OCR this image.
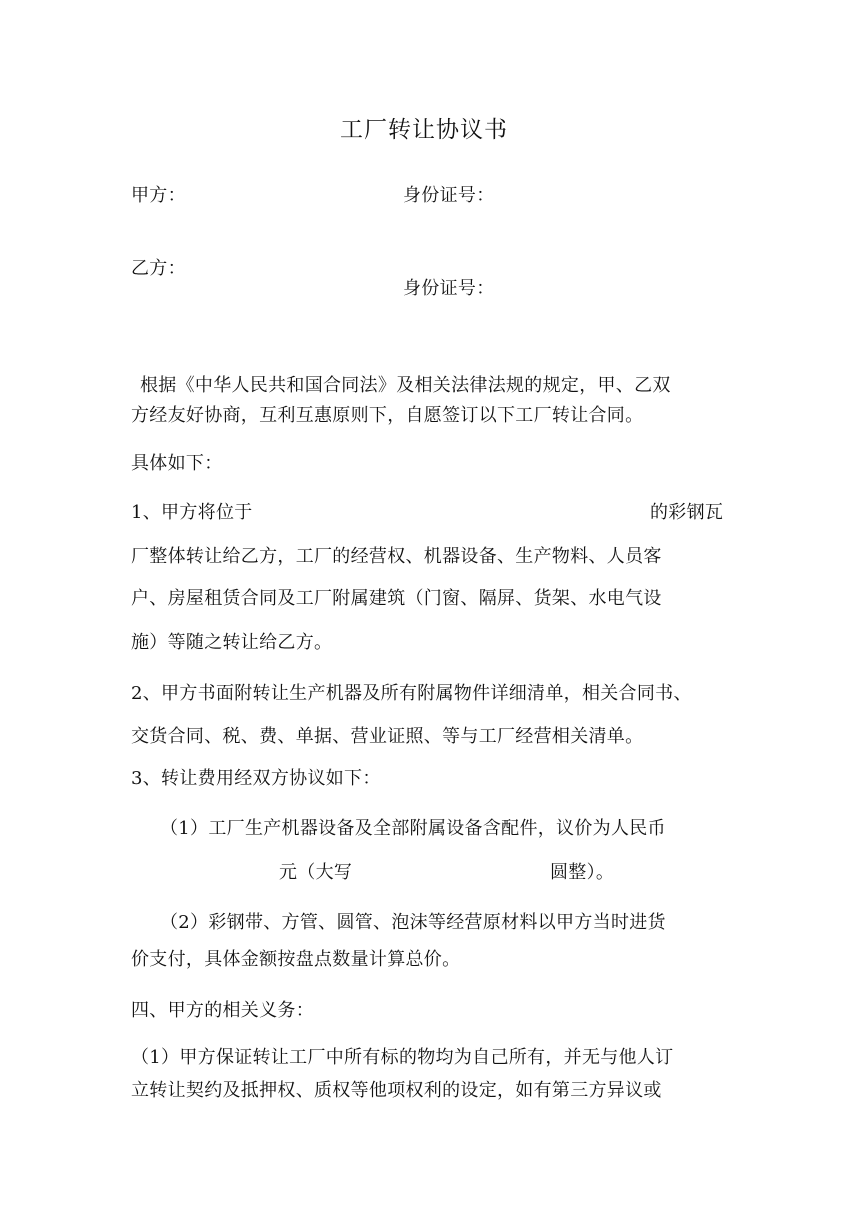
工厂转让协议书
甲方：	身份证号：
乙方：
身份证号：
根据《中华人民共和国合同法》及相关法律法规的规定，甲、乙双
方经友好协商，互利互惠原则下，自愿签订以下工厂转让合同。
具体如下：
1、甲方将位于	的彩钢瓦
厂整体转让给乙方，工厂的经营权、机器设备、生产物料、人员客
户、房屋租赁合同及工厂附属建筑（门窗、隔屏、货架、水电气设
施）等随之转让给乙方。
2、甲方书面附转让生产机器及所有附属物件详细清单，相关合同书、
交货合同、税、费、单据、营业证照、等与工厂经营相关清单。
3、转让费用经双方协议如下：
（1）工厂生产机器设备及全部附属设备含配件，议价为人民币
元（大写	圆整）。
（2）彩钢带、方管、圆管、泡沫等经营原材料以甲方当时进货
价支付，具体金额按盘点数量计算总价。
四、甲方的相关义务：
（1）甲方保证转让工厂中所有标的物均为自己所有，并无与他人订
立转让契约及抵押权、质权等他项权利的设定，如有第三方异议或
